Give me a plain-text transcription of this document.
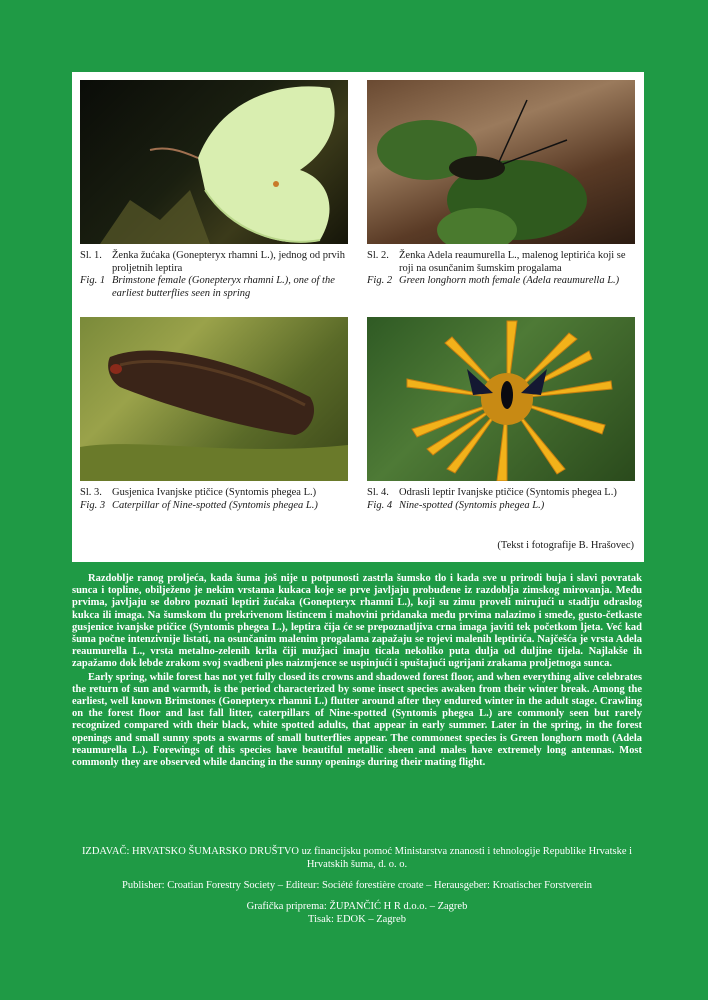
Sl. 1. Ženka žućaka (Gonepteryx rhamni L.), jednog od prvih proljetnih leptira
Fig. 1 Brimstone female (Gonepteryx rhamni L.), one of the earliest butterflies seen in spring
Sl. 2. Ženka Adela reaumurella L., malenog leptirića koji se roji na osunčanim šumskim progalama
Fig. 2 Green longhorn moth female (Adela reaumurella L.)
Sl. 3. Gusjenica Ivanjske ptičice (Syntomis phegea L.)
Fig. 3 Caterpillar of Nine-spotted (Syntomis phegea L.)
Sl. 4. Odrasli leptir Ivanjske ptičice (Syntomis phegea L.)
Fig. 4 Nine-spotted (Syntomis phegea L.)
(Tekst i fotografije B. Hrašovec)

Razdoblje ranog proljeća, kada šuma još nije u potpunosti zastrla šumsko tlo i kada sve u prirodi buja i slavi povratak sunca i topline, obilježeno je nekim vrstama kukaca koje se prve javljaju probuđene iz razdoblja zimskog mirovanja. Među prvima, javljaju se dobro poznati leptiri žućaka (Gonepteryx rhamni L.), koji su zimu proveli mirujući u stadiju odraslog kukca ili imaga. Na šumskom tlu prekrivenom listincem i mahovini pridanaka među prvima nalazimo i smeđe, gusto-četkaste gusjenice ivanjske ptičice (Syntomis phegea L.), leptira čija će se prepoznatljiva crna imaga javiti tek početkom ljeta. Već kad šuma počne intenzivnije listati, na osunčanim malenim progalama zapažaju se rojevi malenih leptirića. Najčešća je vrsta Adela reaumurella L., vrsta metalno-zelenih krila čiji mužjaci imaju ticala nekoliko puta dulja od duljine tijela. Najlakše ih zapažamo dok lebde zrakom svoj svadbeni ples naizmjence se uspinjući i spuštajući ugrijani zrakama proljetnoga sunca.

Early spring, while forest has not yet fully closed its crowns and shadowed forest floor, and when everything alive celebrates the return of sun and warmth, is the period characterized by some insect species awaken from their winter break. Among the earliest, well known Brimstones (Gonepteryx rhamni L.) flutter around after they endured winter in the adult stage. Crawling on the forest floor and last fall litter, caterpillars of Nine-spotted (Syntomis phegea L.) are commonly seen but rarely recognized compared with their black, white spotted adults, that appear in early summer. Later in the spring, in the forest openings and small sunny spots a swarms of small butterflies appear. The commonest species is Green longhorn moth (Adela reaumurella L.). Forewings of this species have beautiful metallic sheen and males have extremely long antennas. Most commonly they are observed while dancing in the sunny openings during their mating flight.

IZDAVAČ: HRVATSKO ŠUMARSKO DRUŠTVO uz financijsku pomoć Ministarstva znanosti i tehnologije Republike Hrvatske i Hrvatskih šuma, d. o. o.
Publisher: Croatian Forestry Society – Editeur: Société forestière croate – Herausgeber: Kroatischer Forstverein
Grafička priprema: ŽUPANČIĆ H R d.o.o. – Zagreb
Tisak: EDOK – Zagreb
